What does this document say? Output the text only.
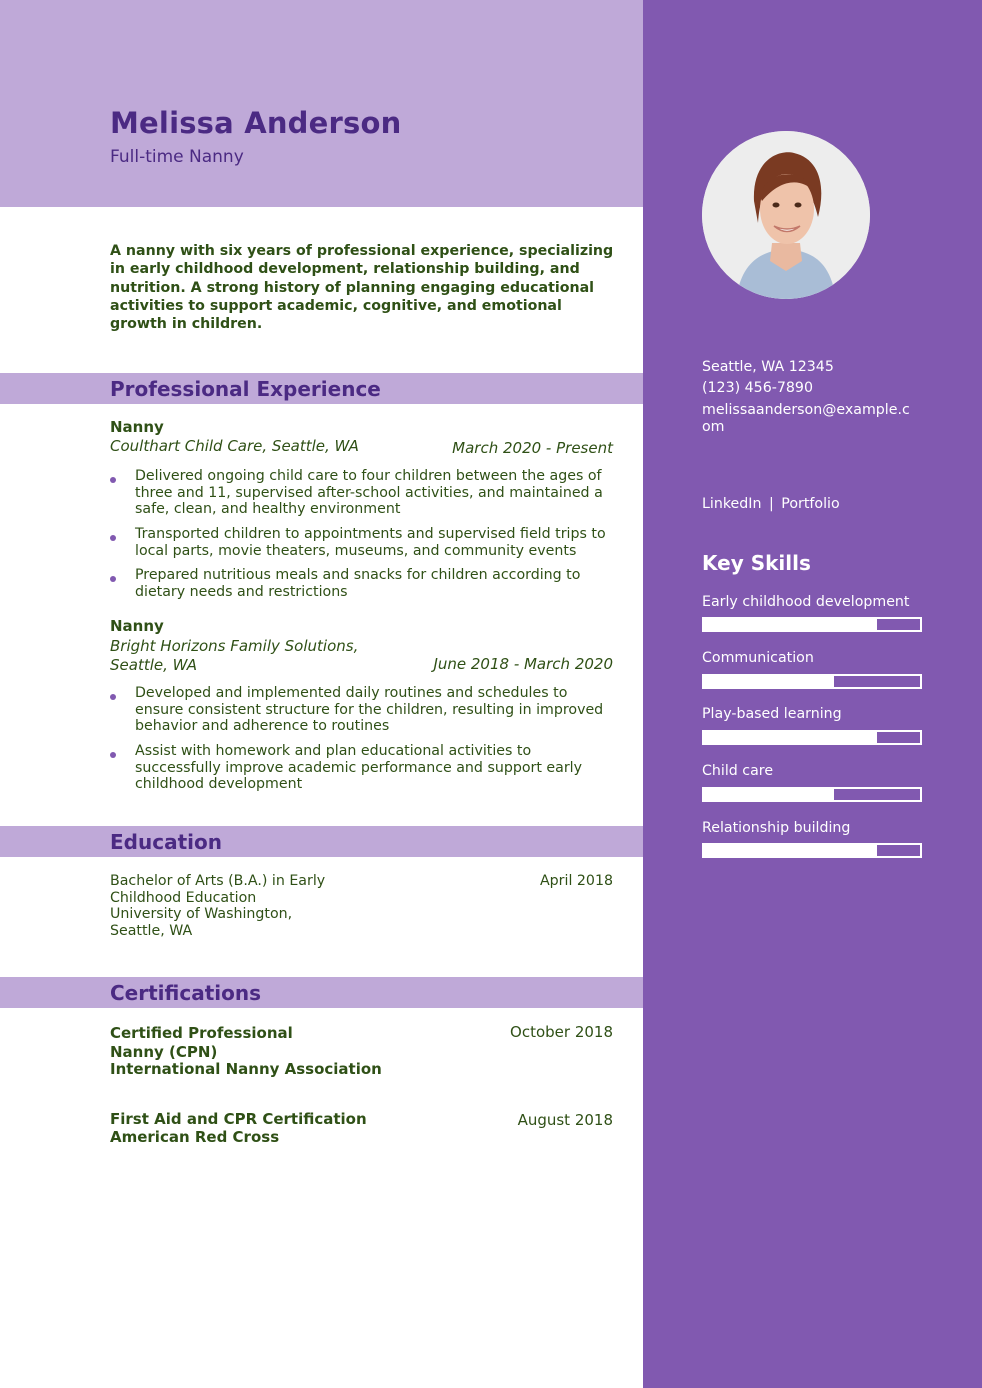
Melissa Anderson
Full-time Nanny
A nanny with six years of professional experience, specializing in early childhood development, relationship building, and nutrition. A strong history of planning engaging educational activities to support academic, cognitive, and emotional growth in children.
Professional Experience
Nanny
Coulthart Child Care, Seattle, WA	March 2020 - Present
Delivered ongoing child care to four children between the ages of three and 11, supervised after-school activities, and maintained a safe, clean, and healthy environment
Transported children to appointments and supervised field trips to local parts, movie theaters, museums, and community events
Prepared nutritious meals and snacks for children according to dietary needs and restrictions
Nanny
Bright Horizons Family Solutions, Seattle, WA	June 2018 - March 2020
Developed and implemented daily routines and schedules to ensure consistent structure for the children, resulting in improved behavior and adherence to routines
Assist with homework and plan educational activities to successfully improve academic performance and support early childhood development
Education
Bachelor of Arts (B.A.) in Early Childhood Education
University of Washington, Seattle, WA
April 2018
Certifications
Certified Professional Nanny (CPN)
International Nanny Association
October 2018
First Aid and CPR Certification
American Red Cross
August 2018
Seattle, WA 12345
(123) 456-7890
melissaanderson@example.com
LinkedIn | Portfolio
Key Skills
Early childhood development
Communication
Play-based learning
Child care
Relationship building
